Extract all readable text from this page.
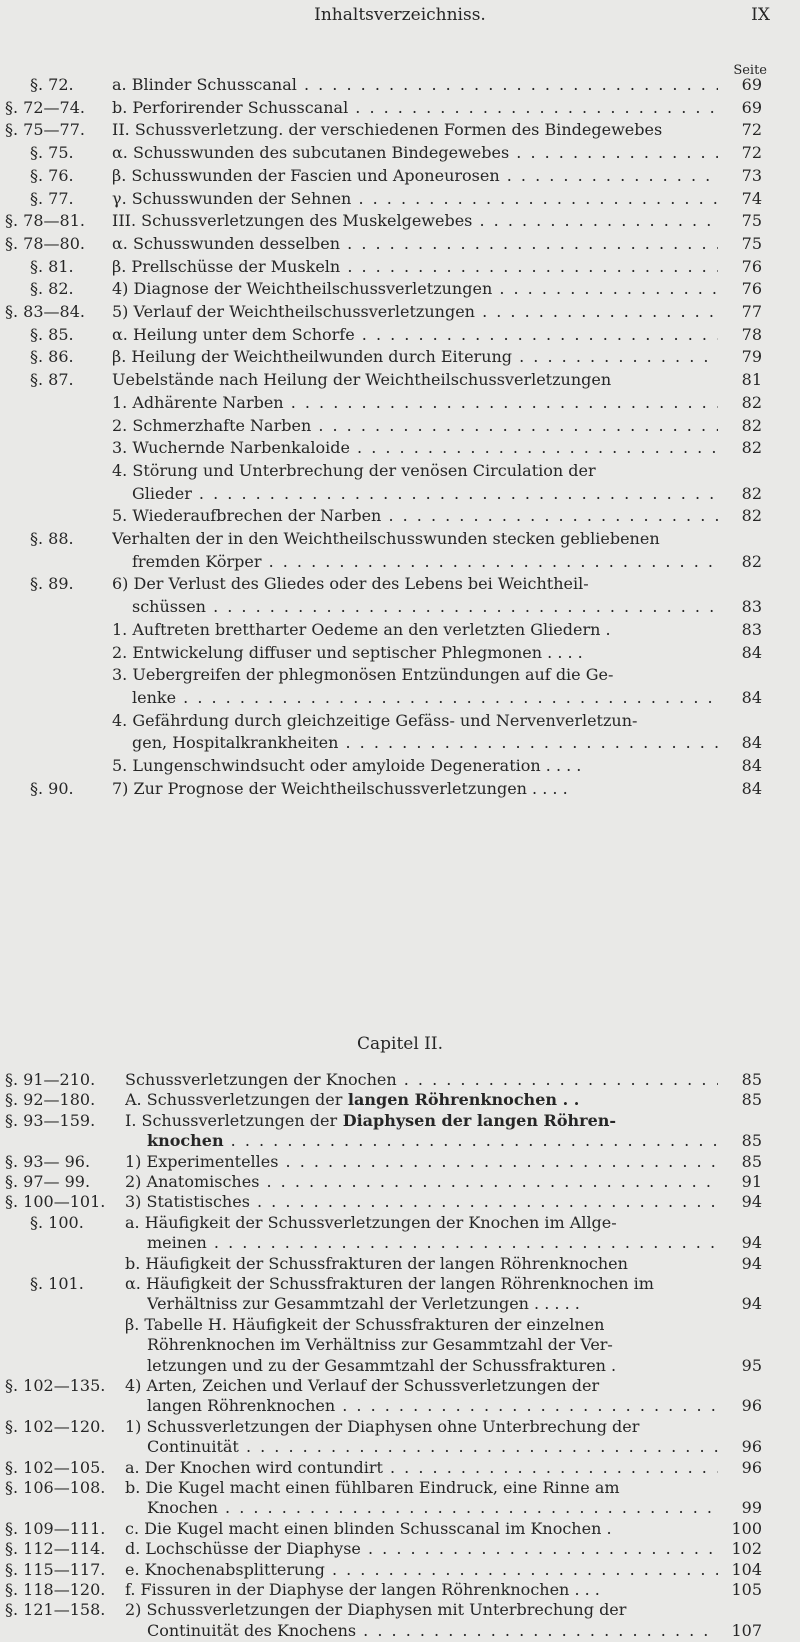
Inhaltsverzeichniss.	IX
Seite
§. 72. a. Blinder Schusscanal . . .	69
§. 72—74. b. Perforirender Schusscanal . . .	69
§. 75—77. II. Schussverletzung. der verschiedenen Formen des Bindegewebes	72
§. 75. α. Schusswunden des subcutanen Bindegewebes . . .	72
§. 76. β. Schusswunden der Fascien und Aponeurosen . . .	73
§. 77. γ. Schusswunden der Sehnen . . .	74
§. 78—81. III. Schussverletzungen des Muskelgewebes . . .	75
§. 78—80. α. Schusswunden desselben . . .	75
§. 81. β. Prellschüsse der Muskeln . . .	76
§. 82. 4) Diagnose der Weichtheilschussverletzungen . . .	76
§. 83—84. 5) Verlauf der Weichtheilschussverletzungen . . .	77
§. 85. α. Heilung unter dem Schorfe . . .	78
§. 86. β. Heilung der Weichtheilwunden durch Eiterung . . .	79
§. 87. Uebelstände nach Heilung der Weichtheilschussverletzungen	81
1. Adhärente Narben . . .	82
2. Schmerzhafte Narben . . .	82
3. Wuchernde Narbenkaloide . . .	82
4. Störung und Unterbrechung der venösen Circulation der
Glieder . . .	82
5. Wiederaufbrechen der Narben . . .	82
§. 88. Verhalten der in den Weichtheilschusswunden stecken gebliebenen
fremden Körper . . .	82
§. 89. 6) Der Verlust des Gliedes oder des Lebens bei Weichtheil-
schüssen . . .	83
1. Auftreten brettharter Oedeme an den verletzten Gliedern .	83
2. Entwickelung diffuser und septischer Phlegmonen . . . .	84
3. Uebergreifen der phlegmonösen Entzündungen auf die Ge-
lenke . . .	84
4. Gefährdung durch gleichzeitige Gefäss- und Nervenverletzun-
gen, Hospitalkrankheiten . . .	84
5. Lungenschwindsucht oder amyloide Degeneration . . . .	84
§. 90. 7) Zur Prognose der Weichtheilschussverletzungen . . . .	84
§. 91—210. Schussverletzungen der Knochen . . .	85
§. 92—180. A. Schussverletzungen der langen Röhrenknochen . .	85
§. 93—159. I. Schussverletzungen der Diaphysen der langen Röhren-
knochen . . .	85
§. 93— 96. 1) Experimentelles . . .	85
§. 97— 99. 2) Anatomisches . . .	91
§. 100—101. 3) Statistisches . . .	94
§. 100.	a. Häufigkeit der Schussverletzungen der Knochen im Allge-
meinen . . .	94
b. Häufigkeit der Schussfrakturen der langen Röhrenknochen	94
§. 101.	α. Häufigkeit der Schussfrakturen der langen Röhrenknochen im
Verhältniss zur Gesammtzahl der Verletzungen . . . . .	94
β. Tabelle H. Häufigkeit der Schussfrakturen der einzelnen
Röhrenknochen im Verhältniss zur Gesammtzahl der Ver-
letzungen und zu der Gesammtzahl der Schussfrakturen .	95
§. 102—135. 4) Arten, Zeichen und Verlauf der Schussverletzungen der
langen Röhrenknochen . . .	96
§. 102—120. 1) Schussverletzungen der Diaphysen ohne Unterbrechung der
Continuität . . .	96
§. 102—105. a. Der Knochen wird contundirt . . .	96
§. 106—108. b. Die Kugel macht einen fühlbaren Eindruck, eine Rinne am
Knochen . . .	99
§. 109—111. c. Die Kugel macht einen blinden Schusscanal im Knochen .	100
§. 112—114. d. Lochschüsse der Diaphyse . . .	102
§. 115—117. e. Knochenabsplitterung . . .	104
§. 118—120. f. Fissuren in der Diaphyse der langen Röhrenknochen . . .	105
§. 121—158. 2) Schussverletzungen der Diaphysen mit Unterbrechung der
Continuität des Knochens . . .	107
Capitel II.
